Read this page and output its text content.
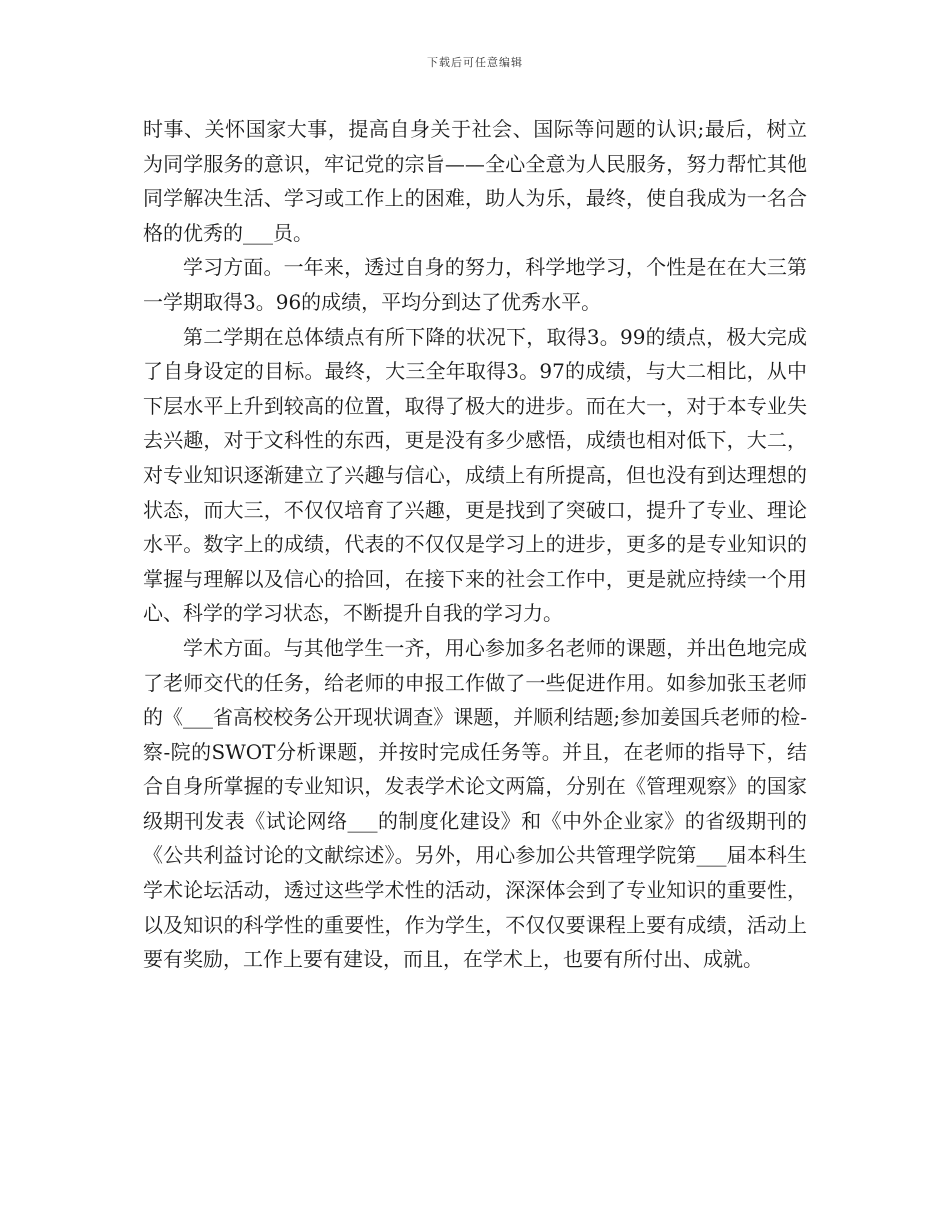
下载后可任意编辑

时事、关怀国家大事，提高自身关于社会、国际等问题的认识;最后，树立为同学服务的意识，牢记党的宗旨——全心全意为人民服务，努力帮忙其他同学解决生活、学习或工作上的困难，助人为乐，最终，使自我成为一名合格的优秀的___员。

学习方面。一年来，透过自身的努力，科学地学习，个性是在在大三第一学期取得3。96的成绩，平均分到达了优秀水平。

第二学期在总体绩点有所下降的状况下，取得3。99的绩点，极大完成了自身设定的目标。最终，大三全年取得3。97的成绩，与大二相比，从中下层水平上升到较高的位置，取得了极大的进步。而在大一，对于本专业失去兴趣，对于文科性的东西，更是没有多少感悟，成绩也相对低下，大二，对专业知识逐渐建立了兴趣与信心，成绩上有所提高，但也没有到达理想的状态，而大三，不仅仅培育了兴趣，更是找到了突破口，提升了专业、理论水平。数字上的成绩，代表的不仅仅是学习上的进步，更多的是专业知识的掌握与理解以及信心的拾回，在接下来的社会工作中，更是就应持续一个用心、科学的学习状态，不断提升自我的学习力。

学术方面。与其他学生一齐，用心参加多名老师的课题，并出色地完成了老师交代的任务，给老师的申报工作做了一些促进作用。如参加张玉老师的《___省高校校务公开现状调查》课题，并顺利结题;参加姜国兵老师的检-察-院的SWOT分析课题，并按时完成任务等。并且，在老师的指导下，结合自身所掌握的专业知识，发表学术论文两篇，分别在《管理观察》的国家级期刊发表《试论网络___的制度化建设》和《中外企业家》的省级期刊的《公共利益讨论的文献综述》。另外，用心参加公共管理学院第___届本科生学术论坛活动，透过这些学术性的活动，深深体会到了专业知识的重要性，以及知识的科学性的重要性，作为学生，不仅仅要课程上要有成绩，活动上要有奖励，工作上要有建设，而且，在学术上，也要有所付出、成就。
